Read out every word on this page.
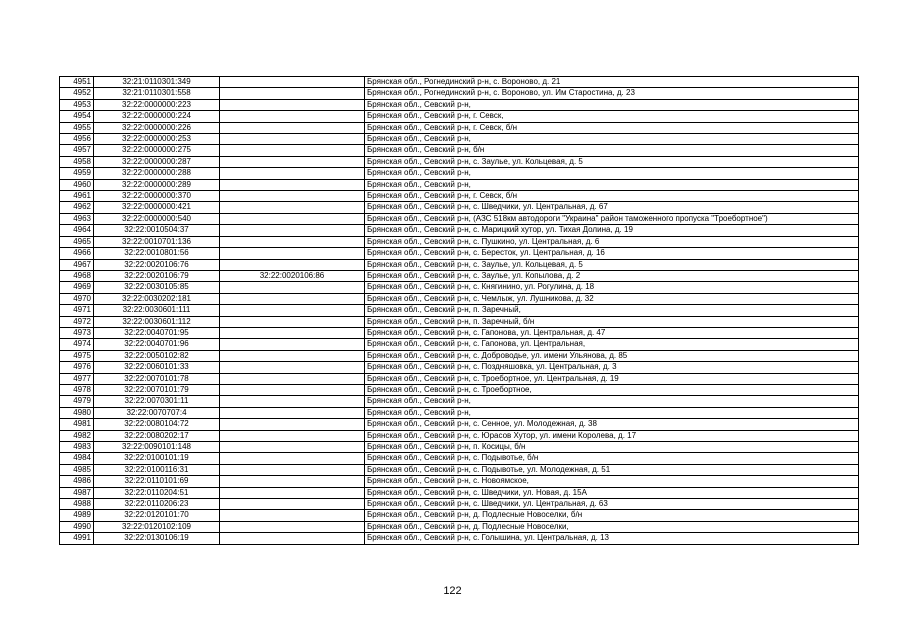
4951	32:21:0110301:349		Брянская обл., Рогнединский р-н, с. Вороново, д. 21
4952	32:21:0110301:558		Брянская обл., Рогнединский р-н, с. Вороново, ул. Им Старостина, д. 23
4953	32:22:0000000:223		Брянская обл., Севский р-н,
4954	32:22:0000000:224		Брянская обл., Севский р-н, г. Севск,
4955	32:22:0000000:226		Брянская обл., Севский р-н, г. Севск, б/н
4956	32:22:0000000:253		Брянская обл., Севский р-н,
4957	32:22:0000000:275		Брянская обл., Севский р-н, б/н
4958	32:22:0000000:287		Брянская обл., Севский р-н, с. Заулье, ул. Кольцевая, д. 5
4959	32:22:0000000:288		Брянская обл., Севский р-н,
4960	32:22:0000000:289		Брянская обл., Севский р-н,
4961	32:22:0000000:370		Брянская обл., Севский р-н, г. Севск, б/н
4962	32:22:0000000:421		Брянская обл., Севский р-н, с. Шведчики, ул. Центральная, д. 67
4963	32:22:0000000:540		Брянская обл., Севский р-н, (АЗС 518км автодороги "Украина" район таможенного пропуска "Троебортное")
4964	32:22:0010504:37		Брянская обл., Севский р-н, с. Марицкий хутор, ул. Тихая Долина, д. 19
4965	32:22:0010701:136		Брянская обл., Севский р-н, с. Пушкино, ул. Центральная, д. 6
4966	32:22:0010801:56		Брянская обл., Севский р-н, с. Бересток, ул. Центральная, д. 16
4967	32:22:0020106:76		Брянская обл., Севский р-н, с. Заулье, ул. Кольцевая, д. 5
4968	32:22:0020106:79	32:22:0020106:86	Брянская обл., Севский р-н, с. Заулье, ул. Копылова, д. 2
4969	32:22:0030105:85		Брянская обл., Севский р-н, с. Княгинино, ул. Рогулина, д. 18
4970	32:22:0030202:181		Брянская обл., Севский р-н, с. Чемлыж, ул. Лушникова, д. 32
4971	32:22:0030601:111		Брянская обл., Севский р-н, п. Заречный,
4972	32:22:0030601:112		Брянская обл., Севский р-н, п. Заречный, б/н
4973	32:22:0040701:95		Брянская обл., Севский р-н, с. Гапонова, ул. Центральная, д. 47
4974	32:22:0040701:96		Брянская обл., Севский р-н, с. Гапонова, ул. Центральная,
4975	32:22:0050102:82		Брянская обл., Севский р-н, с. Доброводье, ул. имени Ульянова, д. 85
4976	32:22:0060101:33		Брянская обл., Севский р-н, с. Поздняшовка, ул. Центральная, д. 3
4977	32:22:0070101:78		Брянская обл., Севский р-н, с. Троебортное, ул. Центральная, д. 19
4978	32:22:0070101:79		Брянская обл., Севский р-н, с. Троебортное,
4979	32:22:0070301:11		Брянская обл., Севский р-н,
4980	32:22:0070707:4		Брянская обл., Севский р-н,
4981	32:22:0080104:72		Брянская обл., Севский р-н, с. Сенное, ул. Молодежная, д. 38
4982	32:22:0080202:17		Брянская обл., Севский р-н, с. Юрасов Хутор, ул. имени Королева, д. 17
4983	32:22:0090101:148		Брянская обл., Севский р-н, п. Косицы, б/н
4984	32:22:0100101:19		Брянская обл., Севский р-н, с. Подывотье, б/н
4985	32:22:0100116:31		Брянская обл., Севский р-н, с. Подывотье, ул. Молодежная, д. 51
4986	32:22:0110101:69		Брянская обл., Севский р-н, с. Новоямское,
4987	32:22:0110204:51		Брянская обл., Севский р-н, с. Шведчики, ул. Новая, д. 15А
4988	32:22:0110206:23		Брянская обл., Севский р-н, с. Шведчики, ул. Центральная, д. 63
4989	32:22:0120101:70		Брянская обл., Севский р-н, д. Подлесные Новоселки, б/н
4990	32:22:0120102:109		Брянская обл., Севский р-н, д. Подлесные Новоселки,
4991	32:22:0130106:19		Брянская обл., Севский р-н, с. Голышина, ул. Центральная, д. 13
122
